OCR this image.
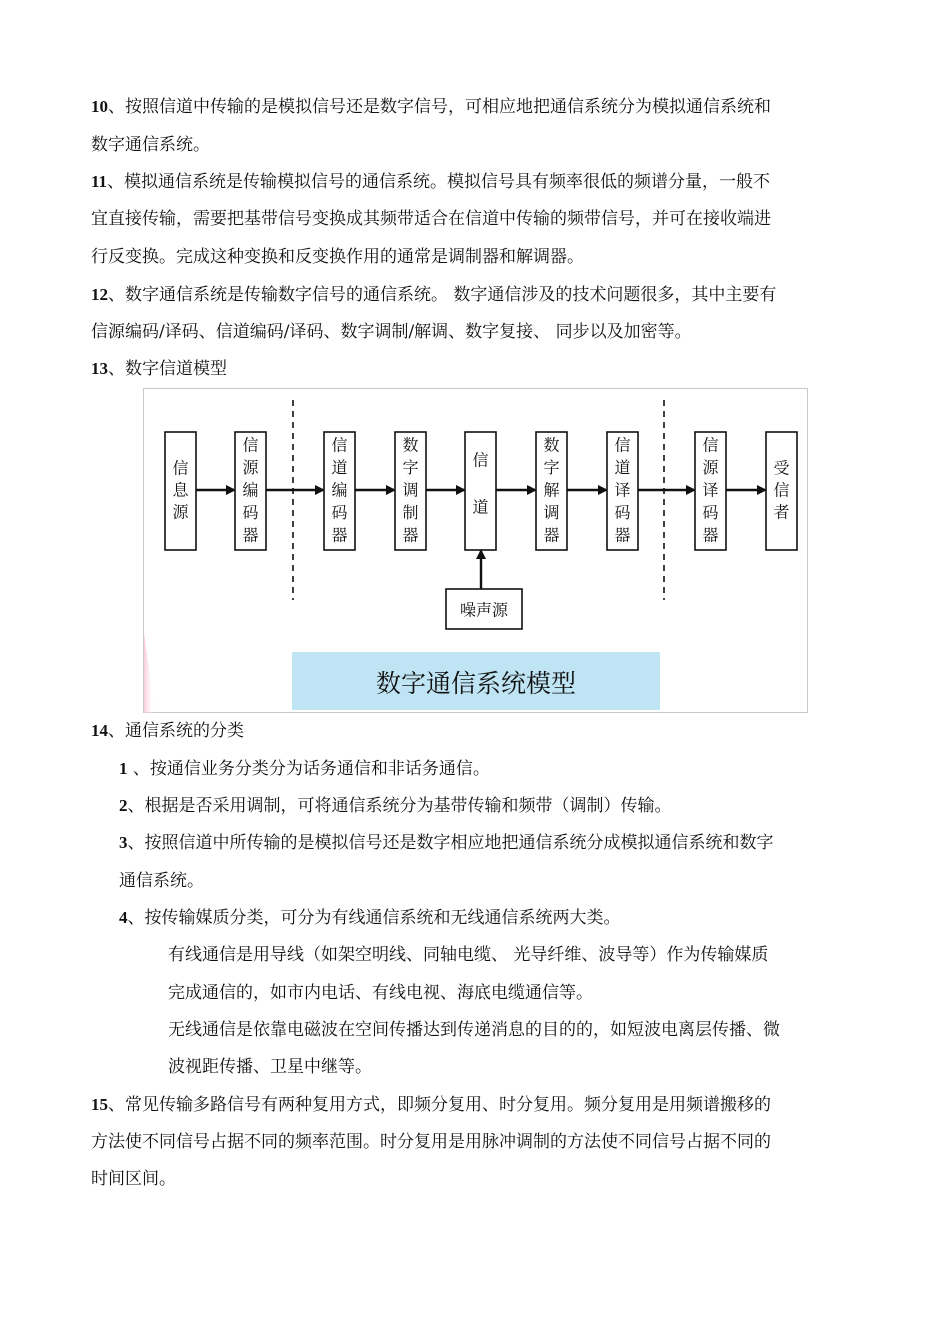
10、按照信道中传输的是模拟信号还是数字信号，可相应地把通信系统分为模拟通信系统和
数字通信系统。
11、模拟通信系统是传输模拟信号的通信系统。模拟信号具有频率很低的频谱分量，一般不
宜直接传输，需要把基带信号变换成其频带适合在信道中传输的频带信号，并可在接收端进
行反变换。完成这种变换和反变换作用的通常是调制器和解调器。
12、数字通信系统是传输数字信号的通信系统。 数字通信涉及的技术问题很多，其中主要有
信源编码/译码、信道编码/译码、数字调制/解调、数字复接、 同步以及加密等。
13、数字信道模型
信
息
源
信
源
编
码
器
信
道
编
码
器
数
字
调
制
器
信
道
数
字
解
调
器
信
道
译
码
器
信
源
译
码
器
受
信
者
噪声源
数字通信系统模型
14、通信系统的分类
1 、按通信业务分类分为话务通信和非话务通信。
2、根据是否采用调制，可将通信系统分为基带传输和频带（调制）传输。
3、按照信道中所传输的是模拟信号还是数字相应地把通信系统分成模拟通信系统和数字
通信系统。
4、按传输媒质分类，可分为有线通信系统和无线通信系统两大类。
有线通信是用导线（如架空明线、同轴电缆、 光导纤维、波导等）作为传输媒质
完成通信的，如市内电话、有线电视、海底电缆通信等。
无线通信是依靠电磁波在空间传播达到传递消息的目的的，如短波电离层传播、微
波视距传播、卫星中继等。
15、常见传输多路信号有两种复用方式，即频分复用、时分复用。频分复用是用频谱搬移的
方法使不同信号占据不同的频率范围。时分复用是用脉冲调制的方法使不同信号占据不同的
时间区间。
